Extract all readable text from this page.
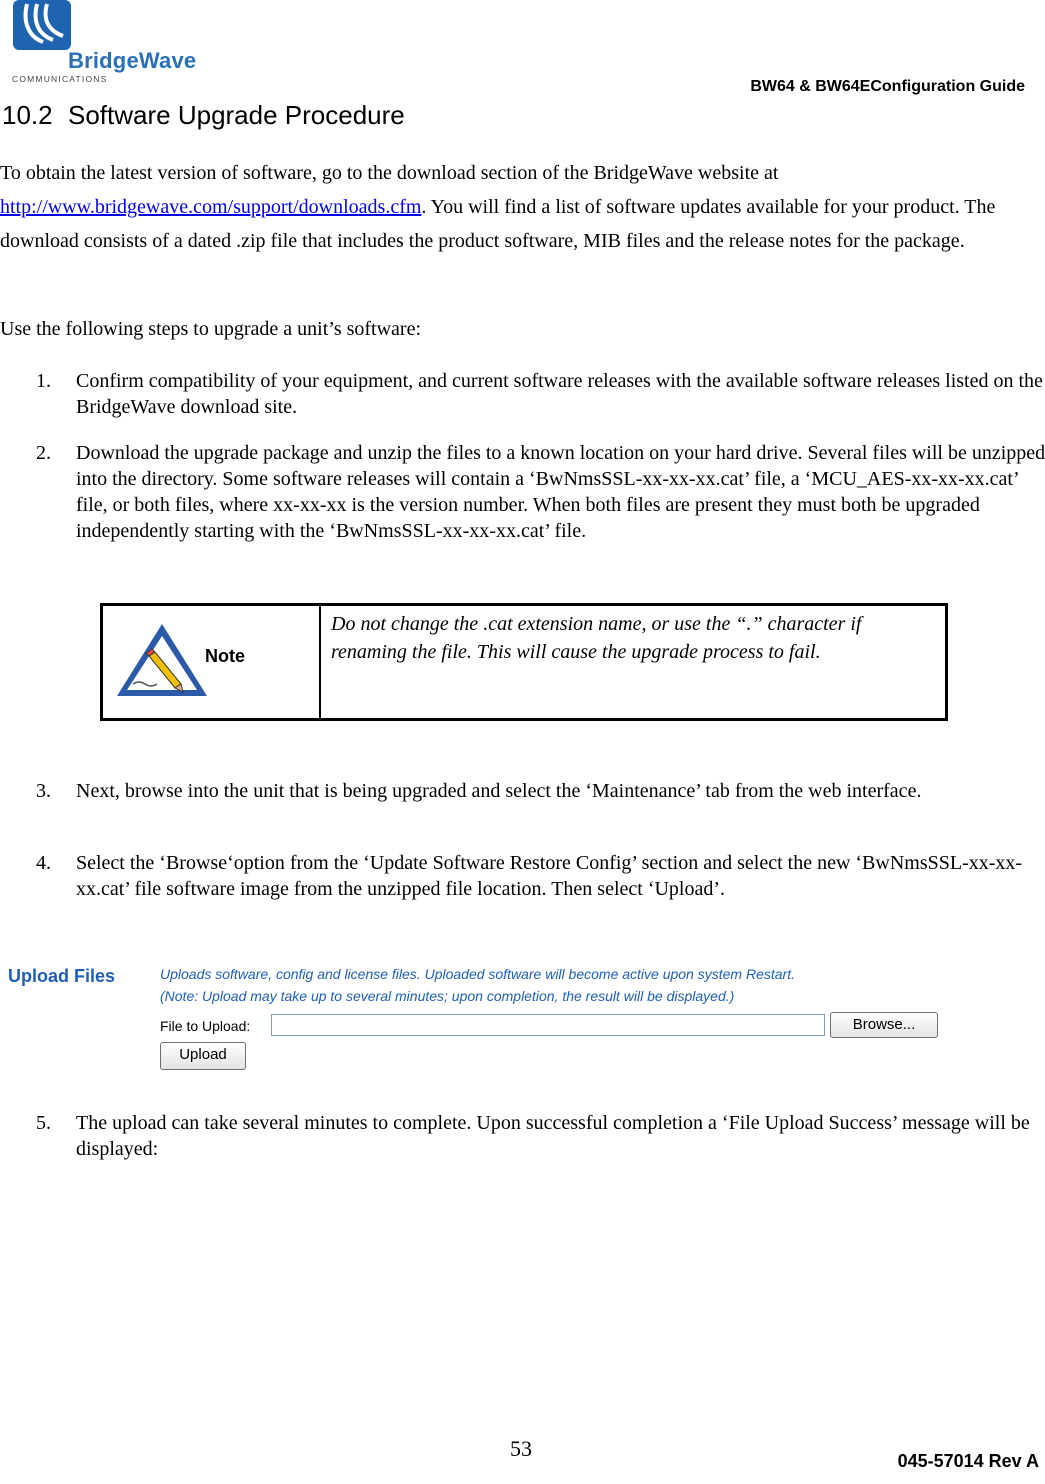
BridgeWave
COMMUNICATIONS	BW64 & BW64EConfiguration Guide
10.2 Software Upgrade Procedure
To obtain the latest version of software, go to the download section of the BridgeWave website at http://www.bridgewave.com/support/downloads.cfm. You will find a list of software updates available for your product. The download consists of a dated .zip file that includes the product software, MIB files and the release notes for the package.
Use the following steps to upgrade a unit’s software:
1.	Confirm compatibility of your equipment, and current software releases with the available software releases listed on the BridgeWave download site.
2.	Download the upgrade package and unzip the files to a known location on your hard drive. Several files will be unzipped into the directory. Some software releases will contain a ‘BwNmsSSL-xx-xx-xx.cat’ file, a ‘MCU_AES-xx-xx-xx.cat’ file, or both files, where xx-xx-xx is the version number. When both files are present they must both be upgraded independently starting with the ‘BwNmsSSL-xx-xx-xx.cat’ file.
Note
Do not change the .cat extension name, or use the “.” character if renaming the file. This will cause the upgrade process to fail.
3.	Next, browse into the unit that is being upgraded and select the ‘Maintenance’ tab from the web interface.
4.	Select the ‘Browse‘option from the ‘Update Software Restore Config’ section and select the new ‘BwNmsSSL-xx-xx-xx.cat’ file software image from the unzipped file location. Then select ‘Upload’.
Upload Files	Uploads software, config and license files. Uploaded software will become active upon system Restart.
(Note: Upload may take up to several minutes; upon completion, the result will be displayed.)
File to Upload:	Browse...
Upload
5.	The upload can take several minutes to complete. Upon successful completion a ‘File Upload Success’ message will be displayed:
53	045-57014 Rev A
